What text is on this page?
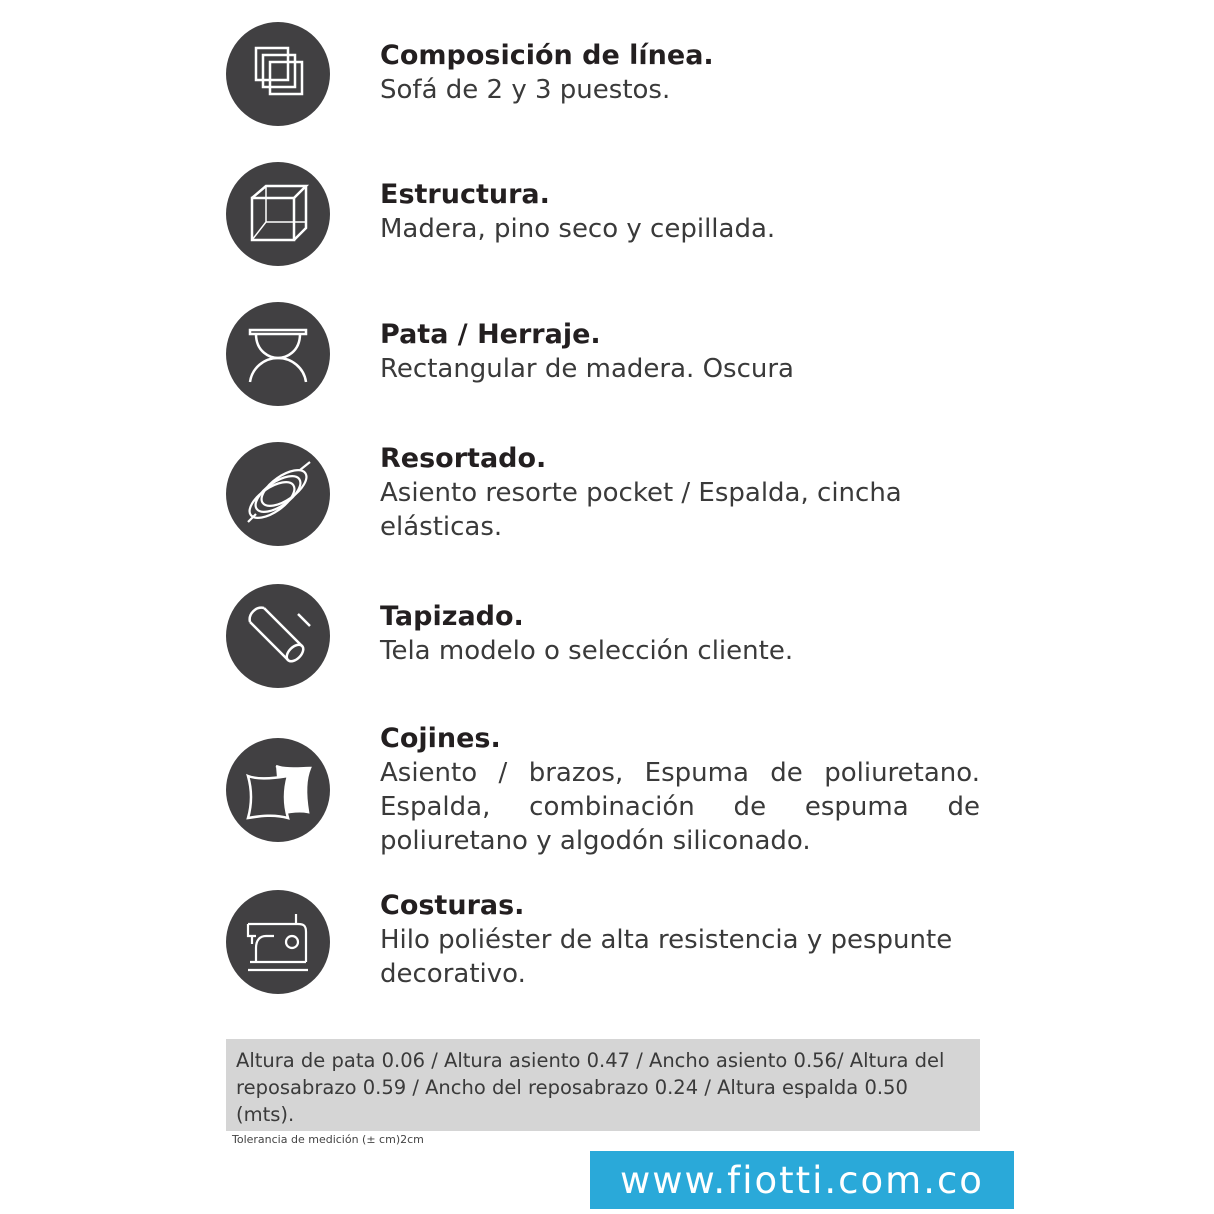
Composición de línea.
Sofá de 2 y 3 puestos.
Estructura.
Madera, pino seco y cepillada.
Pata / Herraje.
Rectangular de madera. Oscura
Resortado.
Asiento resorte pocket / Espalda, cincha elásticas.
Tapizado.
Tela modelo o selección cliente.
Cojines.
Asiento / brazos, Espuma de poliuretano. Espalda, combinación de espuma de poliuretano y algodón siliconado.
Costuras.
Hilo poliéster de alta resistencia y pespunte decorativo.
Altura de pata 0.06 / Altura asiento 0.47 / Ancho asiento 0.56/ Altura del reposabrazo 0.59 / Ancho del reposabrazo 0.24 / Altura espalda 0.50 (mts).
Tolerancia de medición (± cm)2cm
www.fiotti.com.co
